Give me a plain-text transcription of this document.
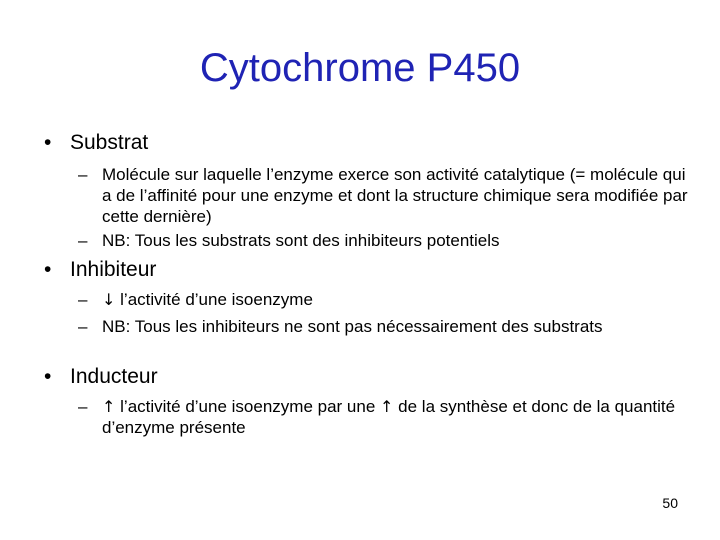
Cytochrome P450
• Substrat
– Molécule sur laquelle l’enzyme exerce son activité catalytique (= molécule qui a de l’affinité pour une enzyme et dont la structure chimique sera modifiée par cette dernière)
– NB: Tous les substrats sont des inhibiteurs potentiels
• Inhibiteur
– ↓ l’activité d’une isoenzyme
– NB: Tous les inhibiteurs ne sont pas nécessairement des substrats
• Inducteur
– ↑ l’activité d’une isoenzyme par une ↑ de la synthèse et donc de la quantité d’enzyme présente
50
